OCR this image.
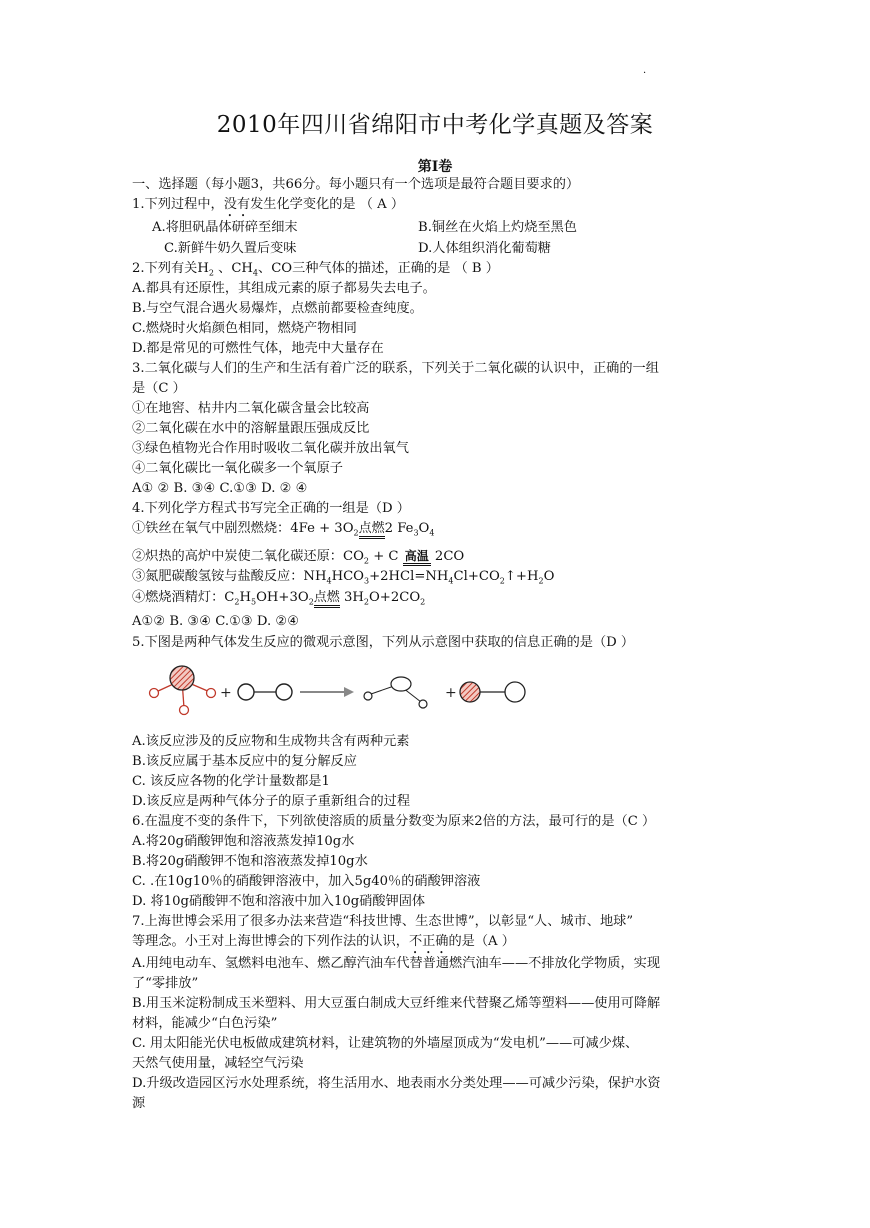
·
2010年四川省绵阳市中考化学真题及答案
第Ⅰ卷
一、选择题（每小题3，共66分。每小题只有一个选项是最符合题目要求的）
1.下列过程中，没有发生化学变化的是 （ A ）
A.将胆矾晶体研碎至细末	B.铜丝在火焰上灼烧至黑色
C.新鲜牛奶久置后变味	D.人体组织消化葡萄糖
2.下列有关$H_2$ 、$CH_4$、CO三种气体的描述，正确的是 （ B ）
A.都具有还原性，其组成元素的原子都易失去电子。
B.与空气混合遇火易爆炸，点燃前都要检查纯度。
C.燃烧时火焰颜色相同，燃烧产物相同
D.都是常见的可燃性气体，地壳中大量存在
3.二氧化碳与人们的生产和生活有着广泛的联系，下列关于二氧化碳的认识中，正确的一组
是（C ）
①在地窖、枯井内二氧化碳含量会比较高
②二氧化碳在水中的溶解量跟压强成反比
③绿色植物光合作用时吸收二氧化碳并放出氧气
④二氧化碳比一氧化碳多一个氧原子
A① ② B. ③④ C.①③ D. ② ④
4.下列化学方程式书写完全正确的一组是（D ）
①铁丝在氧气中剧烈燃烧：$4Fe + 3O_2$点燃2 $Fe_3O_4$
②炽热的高炉中炭使二氧化碳还原：$CO_2 + C$ 高温 2CO
③氮肥碳酸氢铵与盐酸反应：$NH_4HCO_3+2HCl=NH_4Cl+CO_2↑+H_2O$
④燃烧酒精灯：$C_2H_5OH+3O_2$点燃 $3H_2O+2CO_2$
A①② B. ③④ C.①③ D. ②④
5.下图是两种气体发生反应的微观示意图，下列从示意图中获取的信息正确的是（D ）
+	+
A.该反应涉及的反应物和生成物共含有两种元素
B.该反应属于基本反应中的复分解反应
C. 该反应各物的化学计量数都是1
D.该反应是两种气体分子的原子重新组合的过程
6.在温度不变的条件下，下列欲使溶质的质量分数变为原来2倍的方法，最可行的是（C ）
A.将20g硝酸钾饱和溶液蒸发掉10g水
B.将20g硝酸钾不饱和溶液蒸发掉10g水
C. .在10g10％的硝酸钾溶液中，加入5g40％的硝酸钾溶液
D. 将10g硝酸钾不饱和溶液中加入10g硝酸钾固体
7.上海世博会采用了很多办法来营造“科技世博、生态世博”，以彰显“人、城市、地球”
等理念。小王对上海世博会的下列作法的认识，不正确的是（A ）
A.用纯电动车、氢燃料电池车、燃乙醇汽油车代替普通燃汽油车——不排放化学物质，实现
了“零排放”
B.用玉米淀粉制成玉米塑料、用大豆蛋白制成大豆纤维来代替聚乙烯等塑料——使用可降解
材料，能减少“白色污染”
C. 用太阳能光伏电板做成建筑材料，让建筑物的外墙屋顶成为“发电机”——可减少煤、
天然气使用量，减轻空气污染
D.升级改造园区污水处理系统，将生活用水、地表雨水分类处理——可减少污染，保护水资
源
